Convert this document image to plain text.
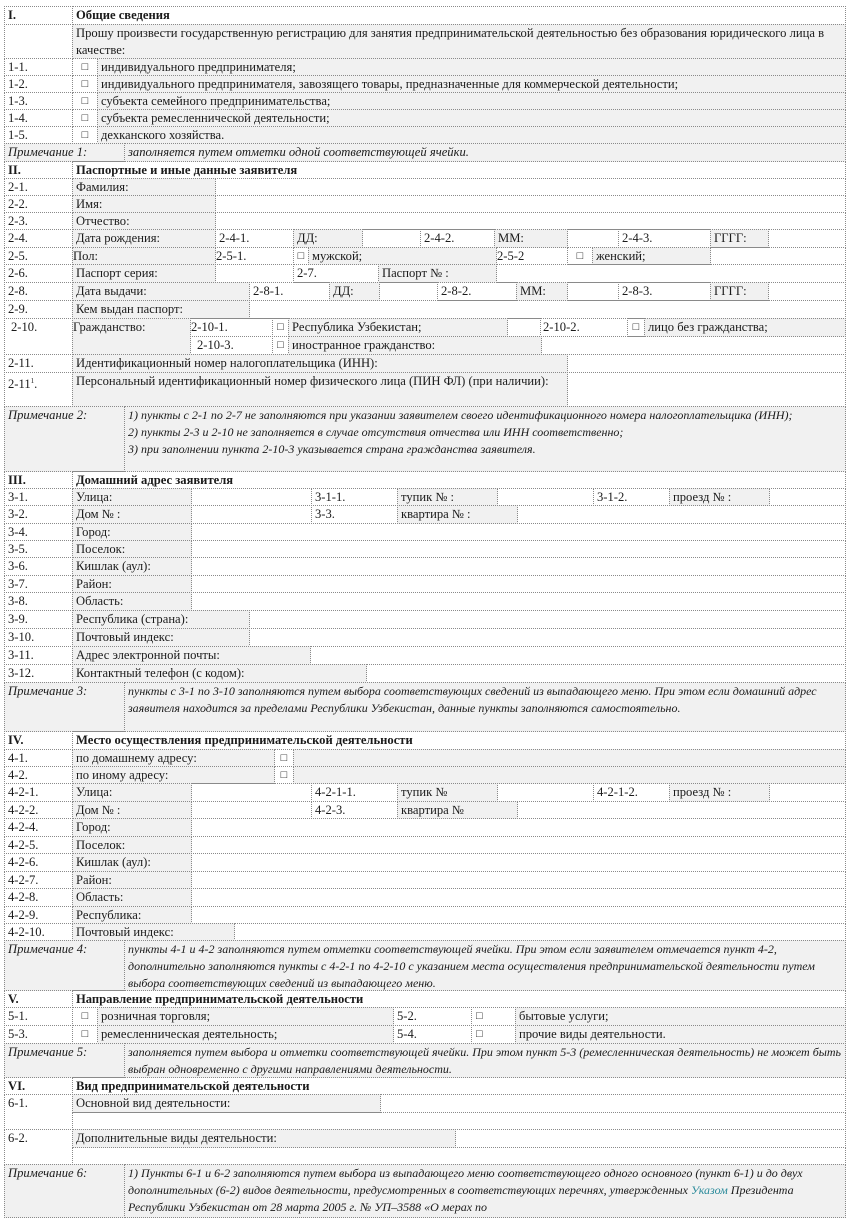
I.	Общие сведения
Прошу произвести государственную регистрацию для занятия предпринимательской деятельностью без образования юридического лица в качестве:
1-1.	□	индивидуального предпринимателя;
1-2.	□	индивидуального предпринимателя, завозящего товары, предназначенные для коммерческой деятельности;
1-3.	□	субъекта семейного предпринимательства;
1-4.	□	субъекта ремесленнической деятельности;
1-5.	□	дехканского хозяйства.
Примечание 1:	заполняется путем отметки одной соответствующей ячейки.
II.	Паспортные и иные данные заявителя
2-1.	Фамилия:
2-2.	Имя:
2-3.	Отчество:
2-4.	Дата рождения:	2-4-1.	ДД:	2-4-2.	ММ:	2-4-3.	ГГГГ:
2-5.	Пол:	2-5-1.	□ мужской;	2-5-2	□	женский;
2-6.	Паспорт серия:	2-7.	Паспорт № :
2-8.	Дата выдачи:	2-8-1.	ДД:	2-8-2.	ММ:	2-8-3.	ГГГГ:
2-9.	Кем выдан паспорт:
2-10.	Гражданство:	2-10-1.	□ Республика Узбекистан;	2-10-2.	□ лицо без гражданства;
2-10-3.	□ иностранное гражданство:
2-11.	Идентификационный номер налогоплательщика (ИНН):
$2-11^1$.	Персональный идентификационный номер физического лица (ПИН ФЛ) (при наличии):
Примечание 2:	1) пункты с 2-1 по 2-7 не заполняются при указании заявителем своего идентификационного номера налогоплательщика (ИНН);
2) пункты 2-3 и 2-10 не заполняется в случае отсутствия отчества или ИНН соответственно;
3) при заполнении пункта 2-10-3 указывается страна гражданства заявителя.
III.	Домашний адрес заявителя
3-1.	Улица:	3-1-1.	тупик № :	3-1-2.	проезд № :
3-2.	Дом № :	3-3.	квартира № :
3-4.	Город:
3-5.	Поселок:
3-6.	Кишлак (аул):
3-7.	Район:
3-8.	Область:
3-9.	Республика (страна):
3-10.	Почтовый индекс:
3-11.	Адрес электронной почты:
3-12.	Контактный телефон (с кодом):
Примечание 3:	пункты с 3-1 по 3-10 заполняются путем выбора соответствующих сведений из выпадающего меню. При этом если домашний адрес заявителя находится за пределами Республики Узбекистан, данные пункты заполняются самостоятельно.
IV.	Место осуществления предпринимательской деятельности
4-1.	по домашнему адресу:	□
4-2.	по иному адресу:	□
4-2-1.	Улица:	4-2-1-1.	тупик №	4-2-1-2.	проезд № :
4-2-2.	Дом № :	4-2-3.	квартира №
4-2-4.	Город:
4-2-5.	Поселок:
4-2-6.	Кишлак (аул):
4-2-7.	Район:
4-2-8.	Область:
4-2-9.	Республика:
4-2-10.	Почтовый индекс:
Примечание 4:	пункты 4-1 и 4-2 заполняются путем отметки соответствующей ячейки. При этом если заявителем отмечается пункт 4-2, дополнительно заполняются пункты с 4-2-1 по 4-2-10 с указанием места осуществления предпринимательской деятельности путем выбора соответствующих сведений из выпадающего меню.
V.	Направление предпринимательской деятельности
5-1.	□	розничная торговля;	5-2.	□	бытовые услуги;
5-3.	□	ремесленническая деятельность;	5-4.	□	прочие виды деятельности.
Примечание 5:	заполняется путем выбора и отметки соответствующей ячейки. При этом пункт 5-3 (ремесленническая деятельность) не может быть выбран одновременно с другими направлениями деятельности.
VI.	Вид предпринимательской деятельности
6-1.	Основной вид деятельности:
6-2.	Дополнительные виды деятельности:
Примечание 6:	1) Пункты 6-1 и 6-2 заполняются путем выбора из выпадающего меню соответствующего одного основного (пункт 6-1) и до двух дополнительных (6-2) видов деятельности, предусмотренных в соответствующих перечнях, утвержденных Указом Президента Республики Узбекистан от 28 марта 2005 г. № УП–3588 «О мерах по
